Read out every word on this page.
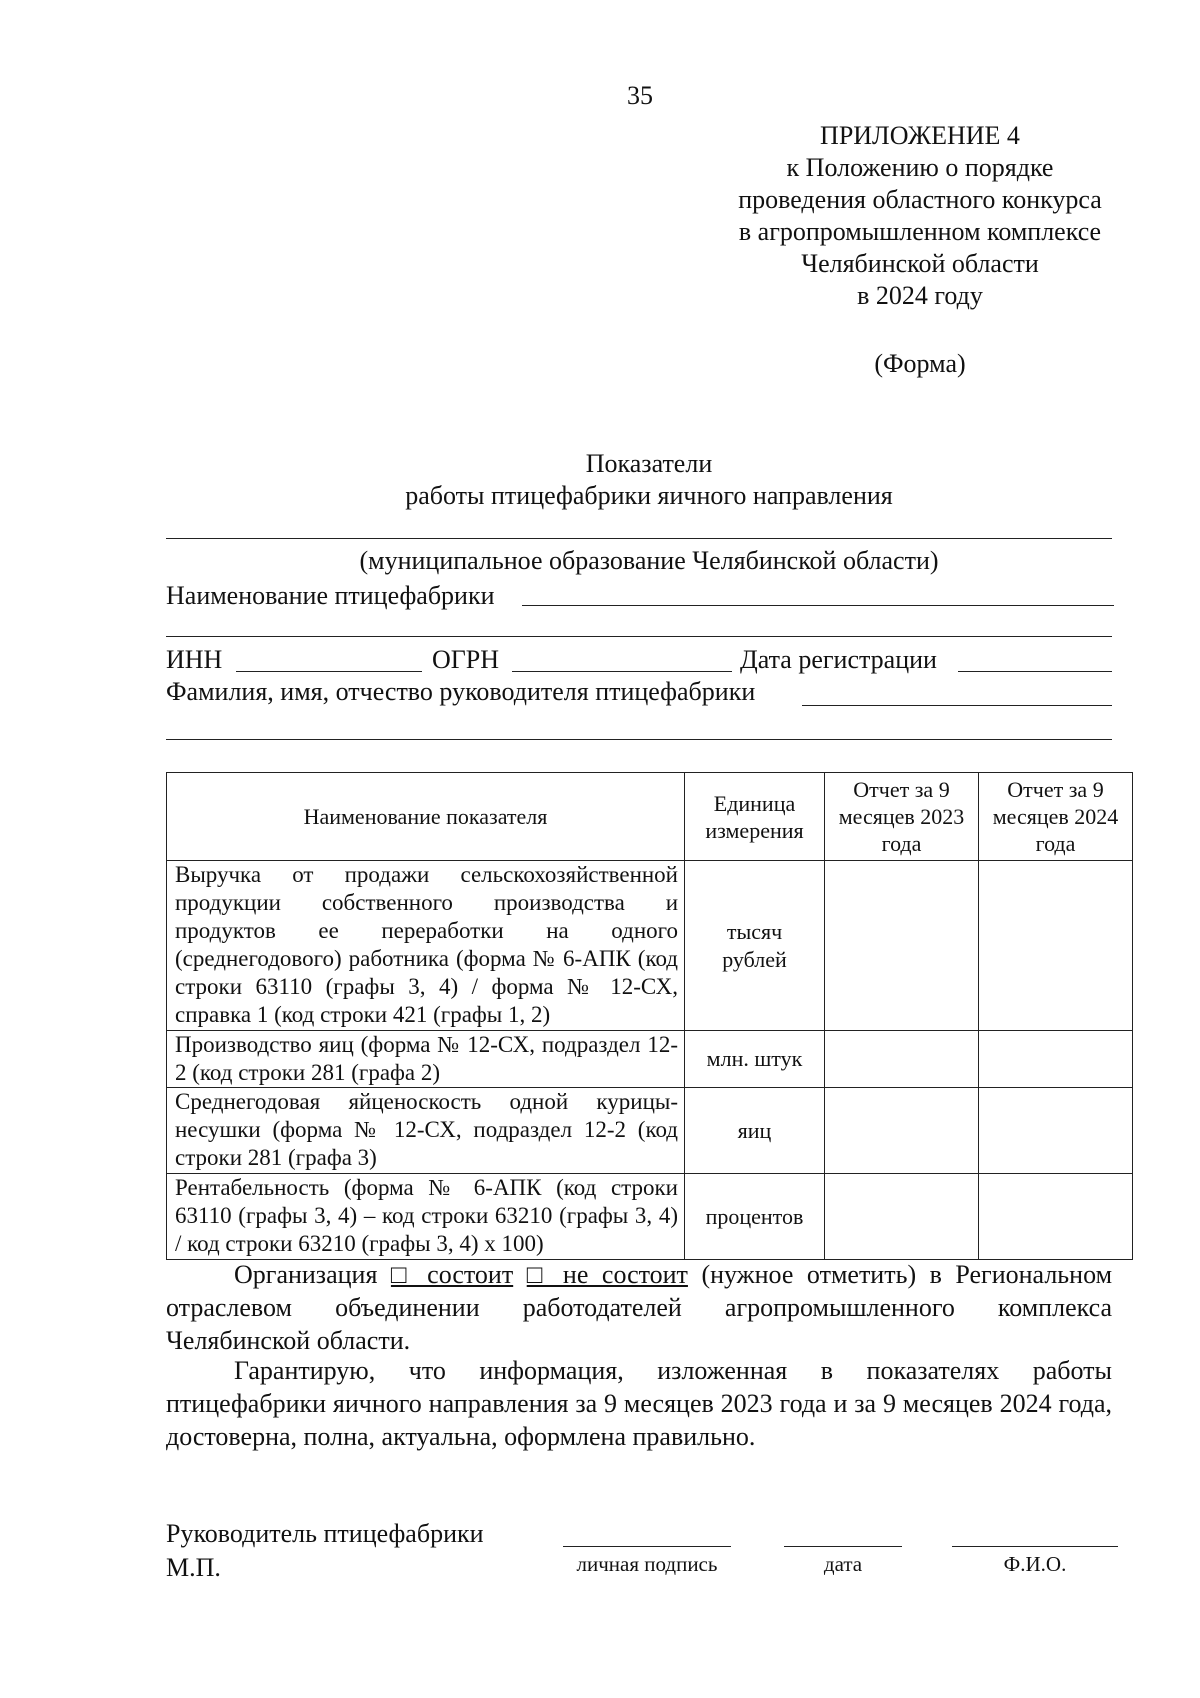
35
ПРИЛОЖЕНИЕ 4
к Положению о порядке
проведения областного конкурса
в агропромышленном комплексе
Челябинской области
в 2024 году
(Форма)
Показатели
работы птицефабрики яичного направления
(муниципальное образование Челябинской области)
Наименование птицефабрики
ИНН	ОГРН	Дата регистрации
Фамилия, имя, отчество руководителя птицефабрики
Наименование показателя	Единица измерения	Отчет за 9 месяцев 2023 года	Отчет за 9 месяцев 2024 года
Выручка от продажи сельскохозяйственной продукции собственного производства и продуктов ее переработки на одного (среднегодового) работника (форма № 6-АПК (код строки 63110 (графы 3, 4) / форма № 12-СХ, справка 1 (код строки 421 (графы 1, 2)	тысяч рублей		
Производство яиц (форма № 12-СХ, подраздел 12-2 (код строки 281 (графа 2)	млн. штук		
Среднегодовая яйценоскость одной курицы-несушки (форма № 12-СХ, подраздел 12-2 (код строки 281 (графа 3)	яиц		
Рентабельность (форма № 6-АПК (код строки 63110 (графы 3, 4) – код строки 63210 (графы 3, 4) / код строки 63210 (графы 3, 4) х 100)	процентов		
Организация □ состоит □ не состоит (нужное отметить) в Региональном отраслевом объединении работодателей агропромышленного комплекса Челябинской области.
Гарантирую, что информация, изложенная в показателях работы птицефабрики яичного направления за 9 месяцев 2023 года и за 9 месяцев 2024 года, достоверна, полна, актуальна, оформлена правильно.
Руководитель птицефабрики
М.П.	личная подпись	дата	Ф.И.О.
